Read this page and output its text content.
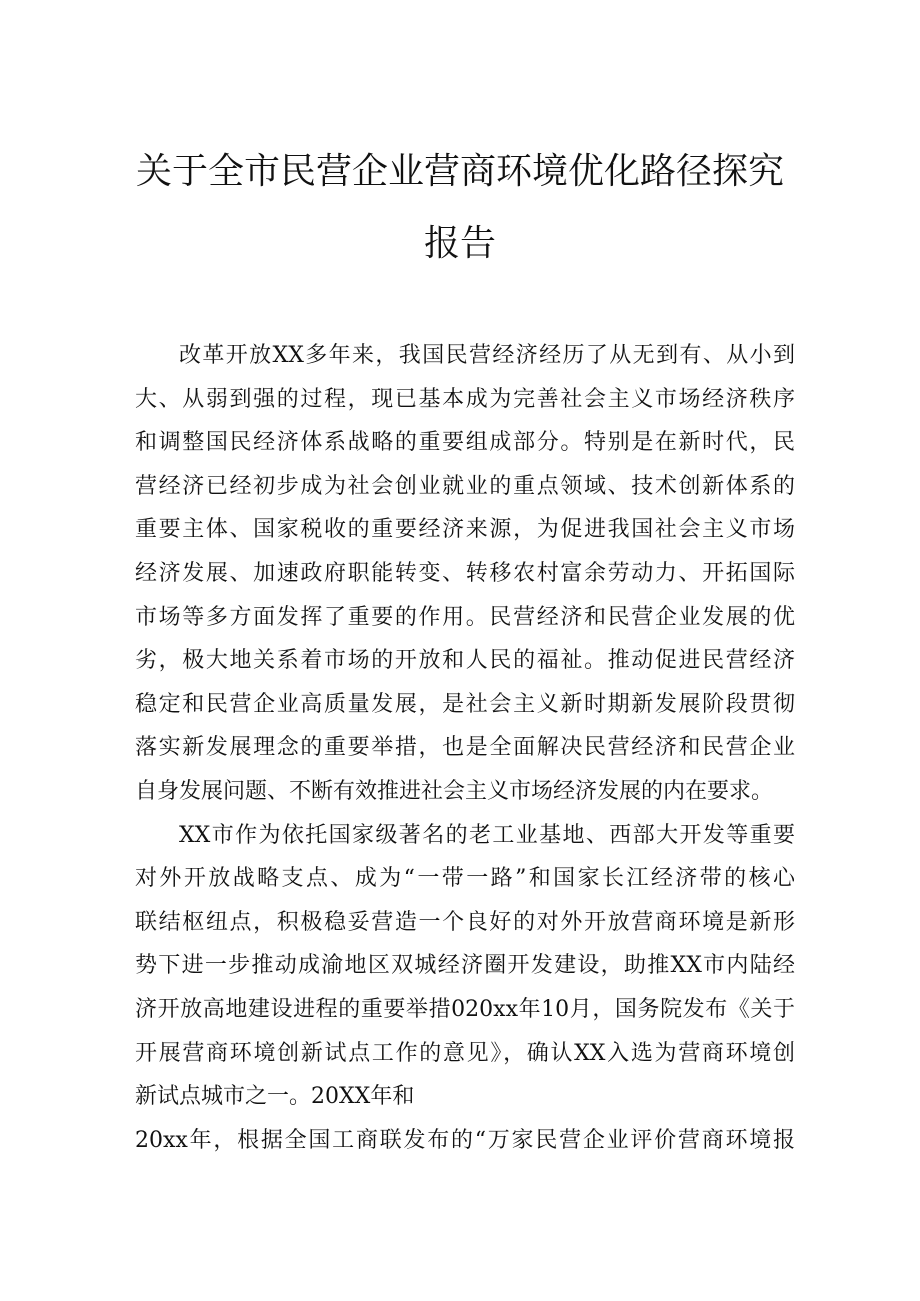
关于全市民营企业营商环境优化路径探究
报告
改革开放XX多年来，我国民营经济经历了从无到有、从小到
大、从弱到强的过程，现已基本成为完善社会主义市场经济秩序
和调整国民经济体系战略的重要组成部分。特别是在新时代，民
营经济已经初步成为社会创业就业的重点领域、技术创新体系的
重要主体、国家税收的重要经济来源，为促进我国社会主义市场
经济发展、加速政府职能转变、转移农村富余劳动力、开拓国际
市场等多方面发挥了重要的作用。民营经济和民营企业发展的优
劣，极大地关系着市场的开放和人民的福祉。推动促进民营经济
稳定和民营企业高质量发展，是社会主义新时期新发展阶段贯彻
落实新发展理念的重要举措，也是全面解决民营经济和民营企业
自身发展问题、不断有效推进社会主义市场经济发展的内在要求。
XX市作为依托国家级著名的老工业基地、西部大开发等重要
对外开放战略支点、成为“一带一路”和国家长江经济带的核心
联结枢纽点，积极稳妥营造一个良好的对外开放营商环境是新形
势下进一步推动成渝地区双城经济圈开发建设，助推XX市内陆经
济开放高地建设进程的重要举措020xx年10月，国务院发布《关于
开展营商环境创新试点工作的意见》，确认XX入选为营商环境创
新试点城市之一。20XX年和
20xx年，根据全国工商联发布的“万家民营企业评价营商环境报
